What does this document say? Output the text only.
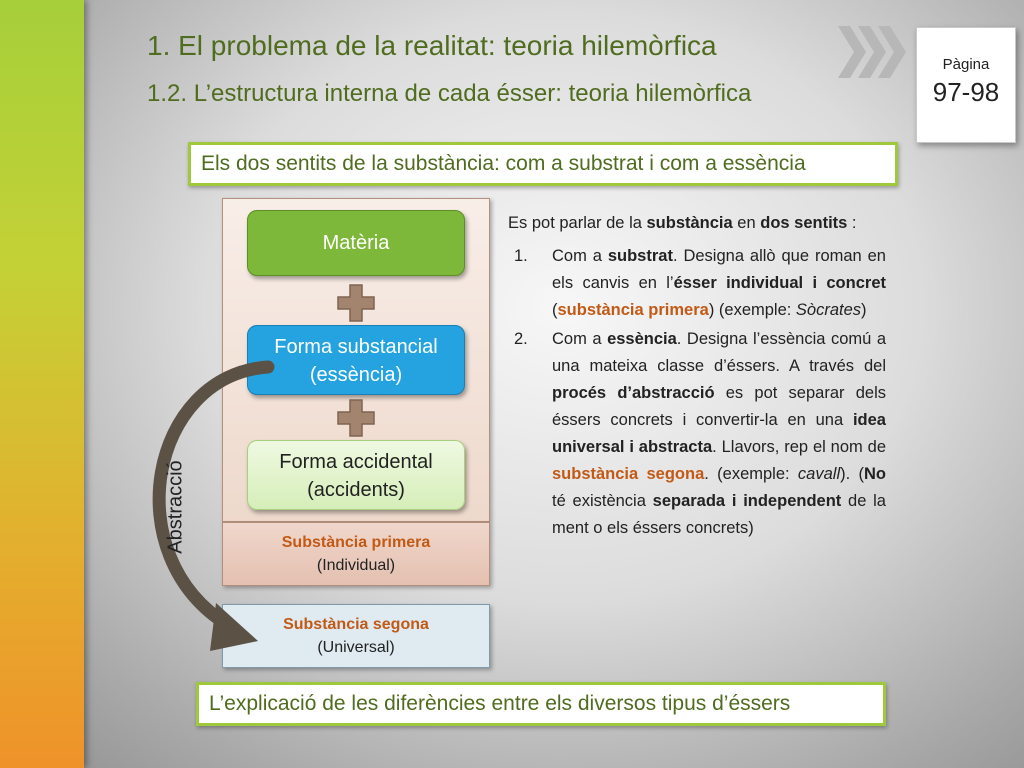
1. El problema de la realitat: teoria hilemòrfica
1.2. L’estructura interna de cada ésser: teoria hilemòrfica
Pàgina
97-98
Els dos sentits de la substància: com a substrat i com a essència
Matèria
Forma substancial
(essència)
Forma accidental
(accidents)
Substància primera
(Individual)
Substància segona
(Universal)
Abstracció

Es pot parlar de la substància en dos sentits :

1. Com a substrat. Designa allò que roman en els canvis en l’ésser individual i concret (substància primera) (exemple: Sòcrates)

2. Com a essència. Designa l’essència comú a una mateixa classe d’éssers. A través del procés d’abstracció es pot separar dels éssers concrets i convertir-la en una idea universal i abstracta. Llavors, rep el nom de substància segona. (exemple: cavall). (No té existència separada i independent de la ment o els éssers concrets)

L’explicació de les diferències entre els diversos tipus d’éssers
